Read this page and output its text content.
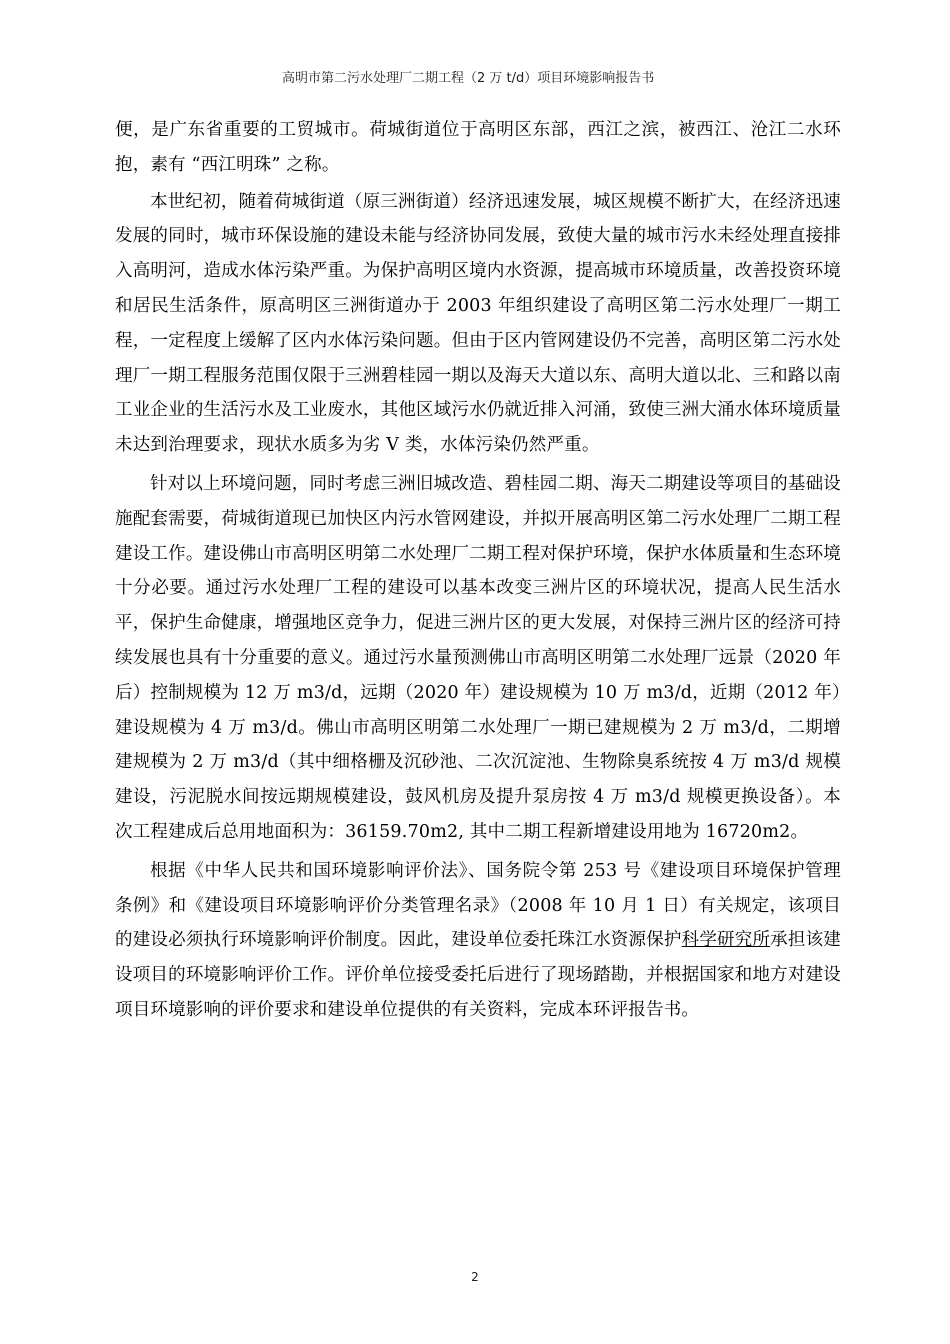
高明市第二污水处理厂二期工程（2 万 t/d）项目环境影响报告书

便，是广东省重要的工贸城市。荷城街道位于高明区东部，西江之滨，被西江、沧江二水环抱，素有 “西江明珠” 之称。

本世纪初，随着荷城街道（原三洲街道）经济迅速发展，城区规模不断扩大，在经济迅速发展的同时，城市环保设施的建设未能与经济协同发展，致使大量的城市污水未经处理直接排入高明河，造成水体污染严重。为保护高明区境内水资源，提高城市环境质量，改善投资环境和居民生活条件，原高明区三洲街道办于 2003 年组织建设了高明区第二污水处理厂一期工程，一定程度上缓解了区内水体污染问题。但由于区内管网建设仍不完善，高明区第二污水处理厂一期工程服务范围仅限于三洲碧桂园一期以及海天大道以东、高明大道以北、三和路以南工业企业的生活污水及工业废水，其他区域污水仍就近排入河涌，致使三洲大涌水体环境质量未达到治理要求，现状水质多为劣 V 类，水体污染仍然严重。

针对以上环境问题，同时考虑三洲旧城改造、碧桂园二期、海天二期建设等项目的基础设施配套需要，荷城街道现已加快区内污水管网建设，并拟开展高明区第二污水处理厂二期工程建设工作。建设佛山市高明区明第二水处理厂二期工程对保护环境，保护水体质量和生态环境十分必要。通过污水处理厂工程的建设可以基本改变三洲片区的环境状况，提高人民生活水平，保护生命健康，增强地区竞争力，促进三洲片区的更大发展，对保持三洲片区的经济可持续发展也具有十分重要的意义。通过污水量预测佛山市高明区明第二水处理厂远景（2020 年后）控制规模为 12 万 m3/d，远期（2020 年）建设规模为 10 万 m3/d，近期（2012 年）建设规模为 4 万 m3/d。佛山市高明区明第二水处理厂一期已建规模为 2 万 m3/d，二期增建规模为 2 万 m3/d（其中细格栅及沉砂池、二次沉淀池、生物除臭系统按 4 万 m3/d 规模建设，污泥脱水间按远期规模建设，鼓风机房及提升泵房按 4 万 m3/d 规模更换设备）。本次工程建成后总用地面积为：36159.70m2, 其中二期工程新增建设用地为 16720m2。

根据《中华人民共和国环境影响评价法》、国务院令第 253 号《建设项目环境保护管理条例》和《建设项目环境影响评价分类管理名录》（2008 年 10 月 1 日）有关规定，该项目的建设必须执行环境影响评价制度。因此，建设单位委托珠江水资源保护科学研究所承担该建设项目的环境影响评价工作。评价单位接受委托后进行了现场踏勘，并根据国家和地方对建设项目环境影响的评价要求和建设单位提供的有关资料，完成本环评报告书。

2
